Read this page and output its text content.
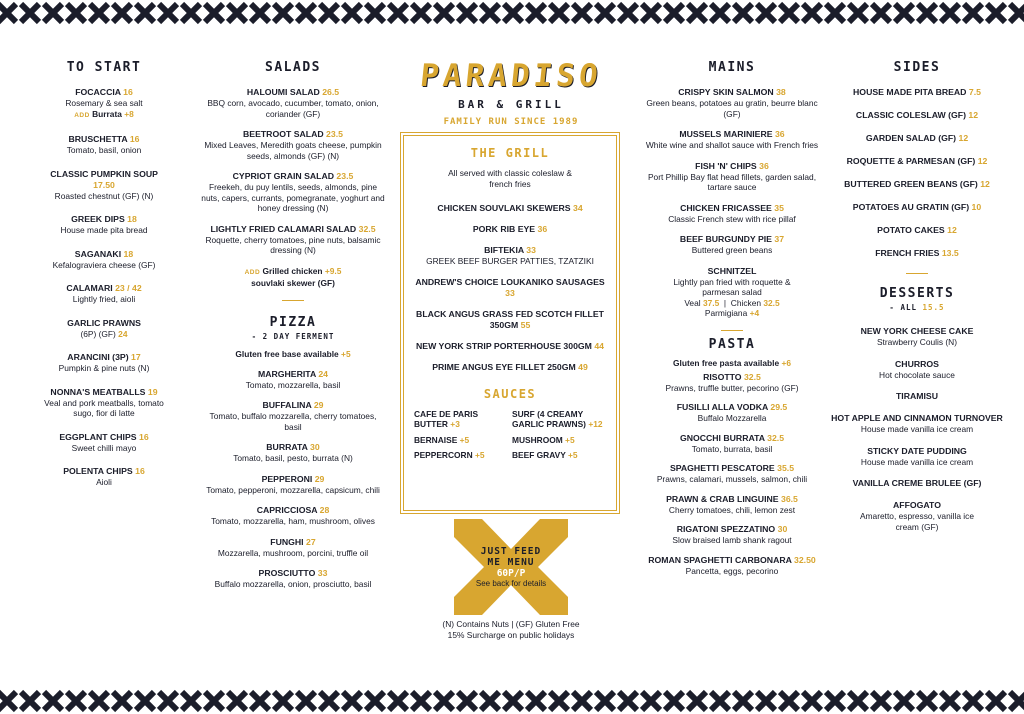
TO START
FOCACCIA 16
Rosemary & sea salt
ADD Burrata +8
BRUSCHETTA 16
Tomato, basil, onion
CLASSIC PUMPKIN SOUP 17.50
Roasted chestnut (GF) (N)
GREEK DIPS 18
House made pita bread
SAGANAKI 18
Kefalograviera cheese (GF)
CALAMARI 23 / 42
Lightly fried, aioli
GARLIC PRAWNS
(6P) (GF) 24
ARANCINI (3P) 17
Pumpkin & pine nuts (N)
NONNA'S MEATBALLS 19
Veal and pork meatballs, tomato sugo, fior di latte
EGGPLANT CHIPS 16
Sweet chilli mayo
POLENTA CHIPS 16
Aioli
SALADS
HALOUMI SALAD 26.5
BBQ corn, avocado, cucumber, tomato, onion, coriander (GF)
BEETROOT SALAD 23.5
Mixed Leaves, Meredith goats cheese, pumpkin seeds, almonds (GF) (N)
CYPRIOT GRAIN SALAD 23.5
Freekeh, du puy lentils, seeds, almonds, pine nuts, capers, currants, pomegranate, yoghurt and honey dressing (N)
LIGHTLY FRIED CALAMARI SALAD 32.5
Roquette, cherry tomatoes, pine nuts, balsamic dressing (N)
ADD Grilled chicken +9.5
souvlaki skewer (GF)
PIZZA
- 2 DAY FERMENT
Gluten free base available +5
MARGHERITA 24
Tomato, mozzarella, basil
BUFFALINA 29
Tomato, buffalo mozzarella, cherry tomatoes, basil
BURRATA 30
Tomato, basil, pesto, burrata (N)
PEPPERONI 29
Tomato, pepperoni, mozzarella, capsicum, chili
CAPRICCIOSA 28
Tomato, mozzarella, ham, mushroom, olives
FUNGHI 27
Mozzarella, mushroom, porcini, truffle oil
PROSCIUTTO 33
Buffalo mozzarella, onion, prosciutto, basil
PARADISO
BAR & GRILL
FAMILY RUN SINCE 1989
THE GRILL
All served with classic coleslaw & french fries
CHICKEN SOUVLAKI SKEWERS 34
PORK RIB EYE 36
BIFTEKIA 33
GREEK BEEF BURGER PATTIES, TZATZIKI
ANDREW'S CHOICE LOUKANIKO SAUSAGES 33
BLACK ANGUS GRASS FED SCOTCH FILLET 350GM 55
NEW YORK STRIP PORTERHOUSE 300GM 44
PRIME ANGUS EYE FILLET 250GM 49
SAUCES
CAFE DE PARIS BUTTER +3
BERNAISE +5
PEPPERCORN +5
SURF (4 CREAMY GARLIC PRAWNS) +12
MUSHROOM +5
BEEF GRAVY +5
JUST FEED
ME MENU
60P/P
See back for details
(N) Contains Nuts | (GF) Gluten Free
15% Surcharge on public holidays
MAINS
CRISPY SKIN SALMON 38
Green beans, potatoes au gratin, beurre blanc (GF)
MUSSELS MARINIERE 36
White wine and shallot sauce with French fries
FISH 'N' CHIPS 36
Port Phillip Bay flat head fillets, garden salad, tartare sauce
CHICKEN FRICASSEE 35
Classic French stew with rice pillaf
BEEF BURGUNDY PIE 37
Buttered green beans
SCHNITZEL
Lightly pan fried with roquette & parmesan salad
Veal 37.5 | Chicken 32.5
Parmigiana +4
PASTA
Gluten free pasta available +6
RISOTTO 32.5
Prawns, truffle butter, pecorino (GF)
FUSILLI ALLA VODKA 29.5
Buffalo Mozzarella
GNOCCHI BURRATA 32.5
Tomato, burrata, basil
SPAGHETTI PESCATORE 35.5
Prawns, calamari, mussels, salmon, chili
PRAWN & CRAB LINGUINE 36.5
Cherry tomatoes, chili, lemon zest
RIGATONI SPEZZATINO 30
Slow braised lamb shank ragout
ROMAN SPAGHETTI CARBONARA 32.50
Pancetta, eggs, pecorino
SIDES
HOUSE MADE PITA BREAD 7.5
CLASSIC COLESLAW (GF) 12
GARDEN SALAD (GF) 12
ROQUETTE & PARMESAN (GF) 12
BUTTERED GREEN BEANS (GF) 12
POTATOES AU GRATIN (GF) 10
POTATO CAKES 12
FRENCH FRIES 13.5
DESSERTS
- ALL 15.5
NEW YORK CHEESE CAKE
Strawberry Coulis (N)
CHURROS
Hot chocolate sauce
TIRAMISU
HOT APPLE AND CINNAMON TURNOVER
House made vanilla ice cream
STICKY DATE PUDDING
House made vanilla ice cream
VANILLA CREME BRULEE (GF)
AFFOGATO
Amaretto, espresso, vanilla ice cream (GF)
